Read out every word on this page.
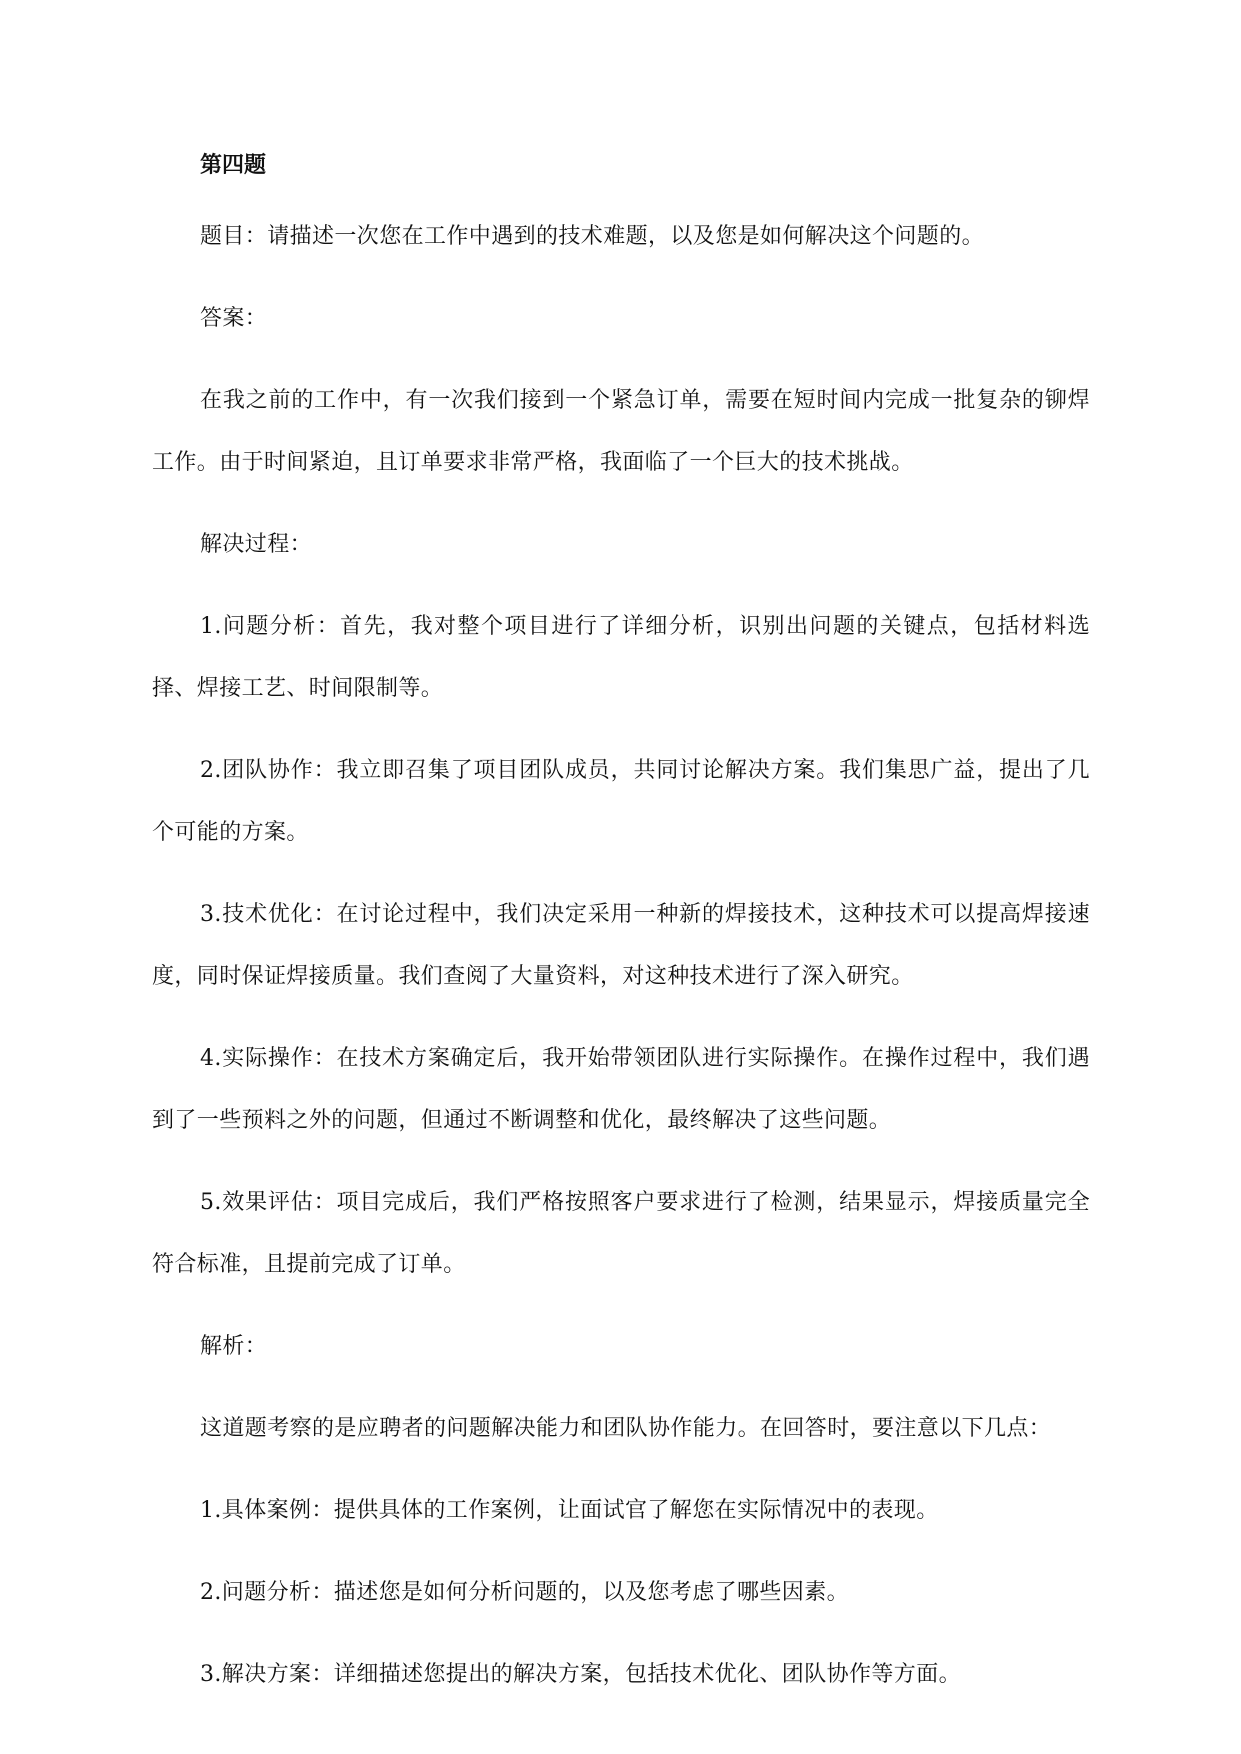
第四题

题目：请描述一次您在工作中遇到的技术难题，以及您是如何解决这个问题的。

答案：

在我之前的工作中，有一次我们接到一个紧急订单，需要在短时间内完成一批复杂的铆焊工作。由于时间紧迫，且订单要求非常严格，我面临了一个巨大的技术挑战。

解决过程：

1.问题分析：首先，我对整个项目进行了详细分析，识别出问题的关键点，包括材料选择、焊接工艺、时间限制等。

2.团队协作：我立即召集了项目团队成员，共同讨论解决方案。我们集思广益，提出了几个可能的方案。

3.技术优化：在讨论过程中，我们决定采用一种新的焊接技术，这种技术可以提高焊接速度，同时保证焊接质量。我们查阅了大量资料，对这种技术进行了深入研究。

4.实际操作：在技术方案确定后，我开始带领团队进行实际操作。在操作过程中，我们遇到了一些预料之外的问题，但通过不断调整和优化，最终解决了这些问题。

5.效果评估：项目完成后，我们严格按照客户要求进行了检测，结果显示，焊接质量完全符合标准，且提前完成了订单。

解析：

这道题考察的是应聘者的问题解决能力和团队协作能力。在回答时，要注意以下几点：

1.具体案例：提供具体的工作案例，让面试官了解您在实际情况中的表现。

2.问题分析：描述您是如何分析问题的，以及您考虑了哪些因素。

3.解决方案：详细描述您提出的解决方案，包括技术优化、团队协作等方面。
